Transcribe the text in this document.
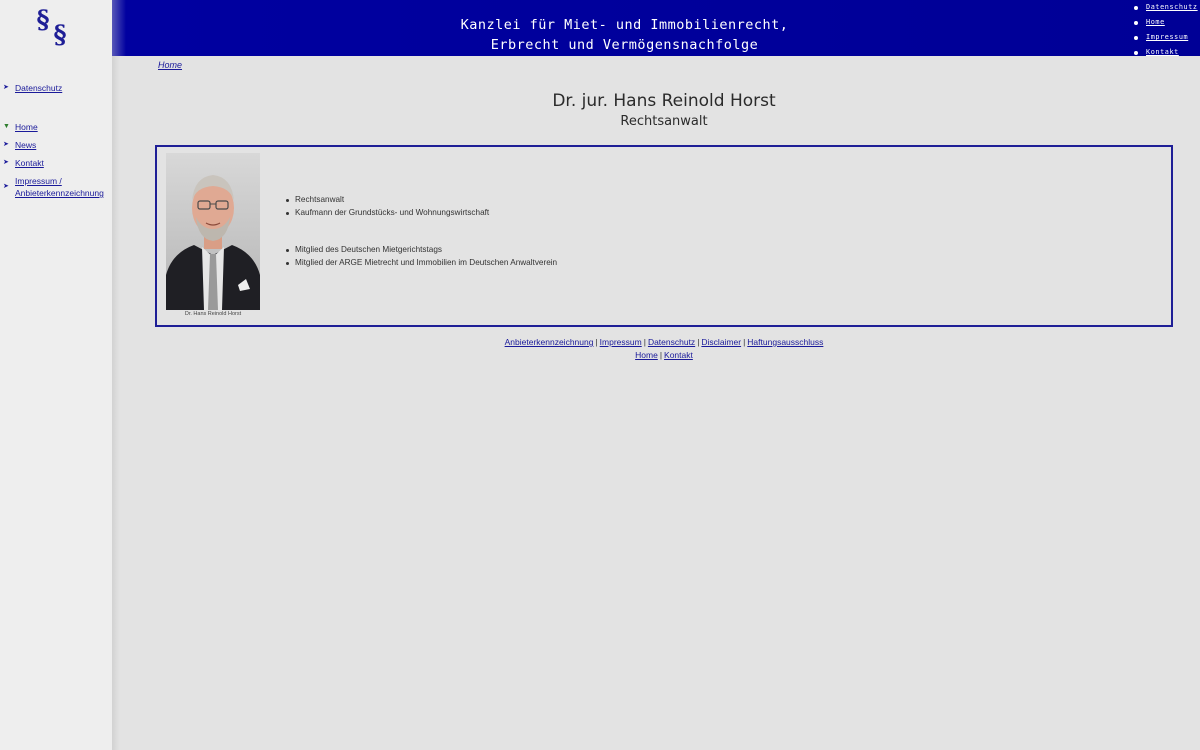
§
§
➤ Datenschutz
▼ Home
➤ News
➤ Kontakt
➤
Impressum / Anbieterkennzeichnung
Kanzlei für Miet- und Immobilienrecht,
Erbrecht und Vermögensnachfolge
Datenschutz
Home
Impressum
Kontakt
Home
Dr. jur. Hans Reinold Horst
Rechtsanwalt
Dr. Hans Reinold Horst
Rechtsanwalt
Kaufmann der Grundstücks- und Wohnungswirtschaft
Mitglied des Deutschen Mietgerichtstags
Mitglied der ARGE Mietrecht und Immobilien im Deutschen Anwaltverein
Anbieterkennzeichnung | Impressum | Datenschutz | Disclaimer | Haftungsausschluss
Home | Kontakt
